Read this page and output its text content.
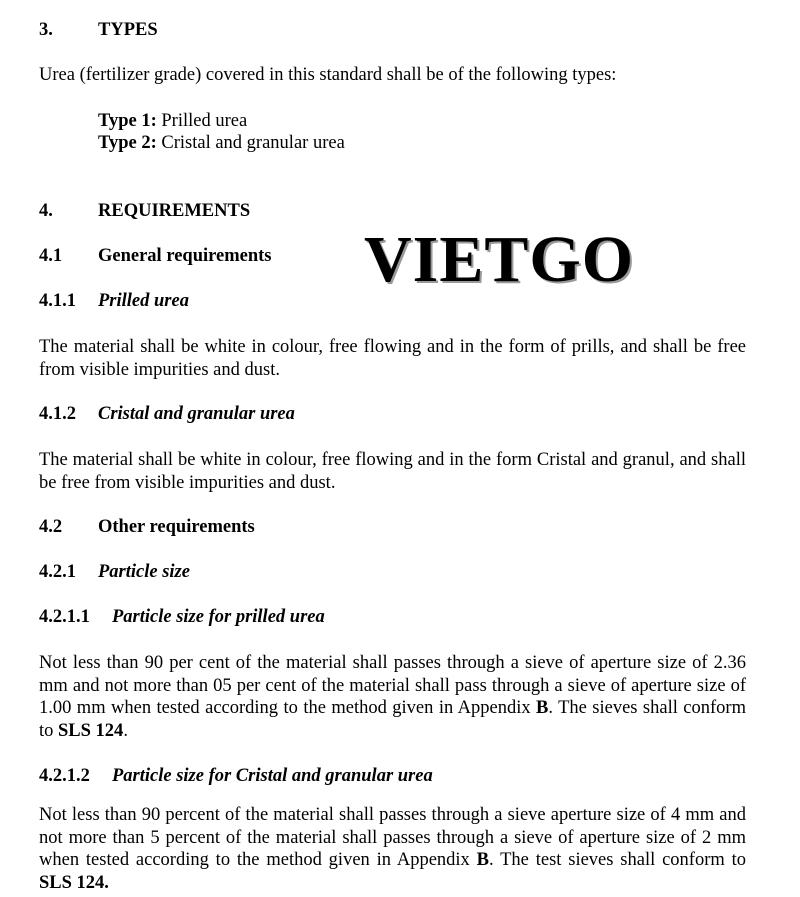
3. TYPES
Urea (fertilizer grade) covered in this standard shall be of the following types:
Type 1: Prilled urea
Type 2: Cristal and granular urea
4. REQUIREMENTS
4.1 General requirements VIETGO
4.1.1 Prilled urea
The material shall be white in colour, free flowing and in the form of prills, and shall be free from visible impurities and dust.
4.1.2 Cristal and granular urea
The material shall be white in colour, free flowing and in the form Cristal and granul, and shall be free from visible impurities and dust.
4.2 Other requirements
4.2.1 Particle size
4.2.1.1 Particle size for prilled urea
Not less than 90 per cent of the material shall passes through a sieve of aperture size of 2.36 mm and not more than 05 per cent of the material shall pass through a sieve of aperture size of 1.00 mm when tested according to the method given in Appendix B. The sieves shall conform to SLS 124.
4.2.1.2 Particle size for Cristal and granular urea
Not less than 90 percent of the material shall passes through a sieve aperture size of 4 mm and not more than 5 percent of the material shall passes through a sieve of aperture size of 2 mm when tested according to the method given in Appendix B. The test sieves shall conform to SLS 124.
